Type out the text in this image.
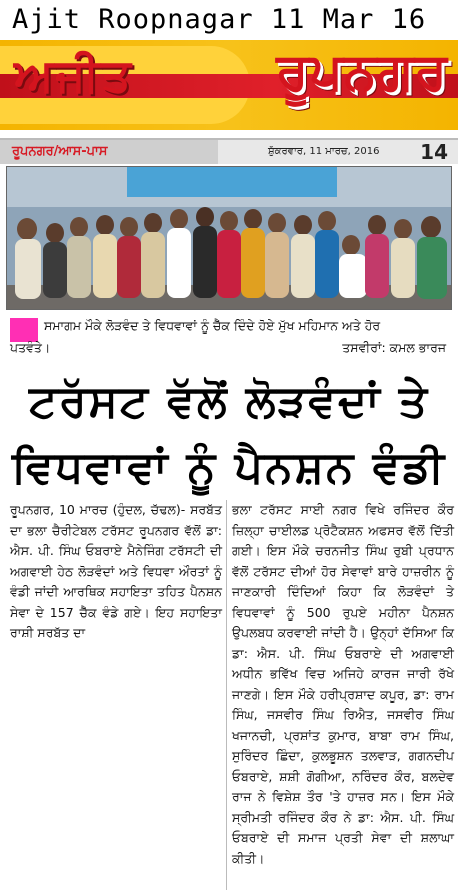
Ajit Roopnagar 11 Mar 16
ਅਜੀਤ	ਰੂਪਨਗਰ
ਰੂਪਨਗਰ/ਆਸ-ਪਾਸ	ਸ਼ੁੱਕਰਵਾਰ, 11 ਮਾਰਚ, 2016 14
ਸਮਾਗਮ ਮੌਕੇ ਲੋੜਵੰਦ ਤੇ ਵਿਧਵਾਵਾਂ ਨੂੰ ਚੈੱਕ ਦਿੰਦੇ ਹੋਏ ਮੁੱਖ ਮਹਿਮਾਨ ਅਤੇ ਹੋਰ
ਪਤਵੰਤੇ।	ਤਸਵੀਰਾਂ: ਕਮਲ ਭਾਰਜ
ਟਰੱਸਟ ਵੱਲੋਂ ਲੋੜਵੰਦਾਂ ਤੇ
ਵਿਧਵਾਵਾਂ ਨੂੰ ਪੈਨਸ਼ਨ ਵੰਡੀ
ਰੂਪਨਗਰ, 10 ਮਾਰਚ (ਹੁੰਦਲ, ਚੱਢਲ)- ਸਰਬੱਤ ਦਾ ਭਲਾ ਚੈਰੀਟੇਬਲ ਟਰੱਸਟ ਰੂਪਨਗਰ ਵੱਲੋਂ ਡਾ: ਐਸ. ਪੀ. ਸਿੰਘ ਓਬਰਾਏ ਮੈਨੇਜਿੰਗ ਟਰੱਸਟੀ ਦੀ ਅਗਵਾਈ ਹੇਠ ਲੋੜਵੰਦਾਂ ਅਤੇ ਵਿਧਵਾ ਔਰਤਾਂ ਨੂੰ ਵੰਡੀ ਜਾਂਦੀ ਆਰਥਿਕ ਸਹਾਇਤਾ ਤਹਿਤ ਪੈਨਸ਼ਨ ਸੇਵਾ ਦੇ 157 ਚੈੱਕ ਵੰਡੇ ਗਏ। ਇਹ ਸਹਾਇਤਾ ਰਾਸ਼ੀ ਸਰਬੱਤ ਦਾ
ਭਲਾ ਟਰੱਸਟ ਸਾਈ ਨਗਰ ਵਿਖੇ ਰਜਿੰਦਰ ਕੌਰ ਜ਼ਿਲ੍ਹਾ ਚਾਈਲਡ ਪ੍ਰੋਟੈਕਸ਼ਨ ਅਫਸਰ ਵੱਲੋਂ ਦਿੱਤੀ ਗਈ। ਇਸ ਮੌਕੇ ਚਰਨਜੀਤ ਸਿੰਘ ਰੁਬੀ ਪ੍ਰਧਾਨ ਵੱਲੋਂ ਟਰੱਸਟ ਦੀਆਂ ਹੋਰ ਸੇਵਾਵਾਂ ਬਾਰੇ ਹਾਜ਼ਰੀਨ ਨੂੰ ਜਾਣਕਾਰੀ ਦਿੰਦਿਆਂ ਕਿਹਾ ਕਿ ਲੋੜਵੰਦਾਂ ਤੇ ਵਿਧਵਾਵਾਂ ਨੂੰ 500 ਰੁਪਏ ਮਹੀਨਾ ਪੈਨਸ਼ਨ ਉਪਲਬਧ ਕਰਵਾਈ ਜਾਂਦੀ ਹੈ। ਉਨ੍ਹਾਂ ਦੱਸਿਆ ਕਿ ਡਾ: ਐਸ. ਪੀ. ਸਿੰਘ ਓਬਰਾਏ ਦੀ ਅਗਵਾਈ ਅਧੀਨ ਭਵਿੱਖ ਵਿਚ ਅਜਿਹੇ ਕਾਰਜ ਜਾਰੀ ਰੱਖੇ ਜਾਣਗੇ। ਇਸ ਮੌਕੇ ਹਰੀਪ੍ਰਸ਼ਾਦ ਕਪੂਰ, ਡਾ: ਰਾਮ ਸਿੰਘ, ਜਸਵੀਰ ਸਿੰਘ ਰਿਐਤ, ਜਸਵੀਰ ਸਿੰਘ ਖਜਾਨਚੀ, ਪ੍ਰਸ਼ਾਂਤ ਕੁਮਾਰ, ਬਾਬਾ ਰਾਮ ਸਿੰਘ, ਸੁਰਿੰਦਰ ਛਿੰਦਾ, ਕੁਲਭੂਸ਼ਨ ਤਲਵਾੜ, ਗਗਨਦੀਪ ਓਬਰਾਏ, ਸ਼ਸ਼ੀ ਗੋਗੀਆ, ਨਰਿੰਦਰ ਕੌਰ, ਬਲਦੇਵ ਰਾਜ ਨੇ ਵਿਸ਼ੇਸ਼ ਤੌਰ 'ਤੇ ਹਾਜ਼ਰ ਸਨ। ਇਸ ਮੌਕੇ ਸ੍ਰੀਮਤੀ ਰਜਿੰਦਰ ਕੌਰ ਨੇ ਡਾ: ਐਸ. ਪੀ. ਸਿੰਘ ਓਬਰਾਏ ਦੀ ਸਮਾਜ ਪ੍ਰਤੀ ਸੇਵਾ ਦੀ ਸ਼ਲਾਘਾ ਕੀਤੀ।
